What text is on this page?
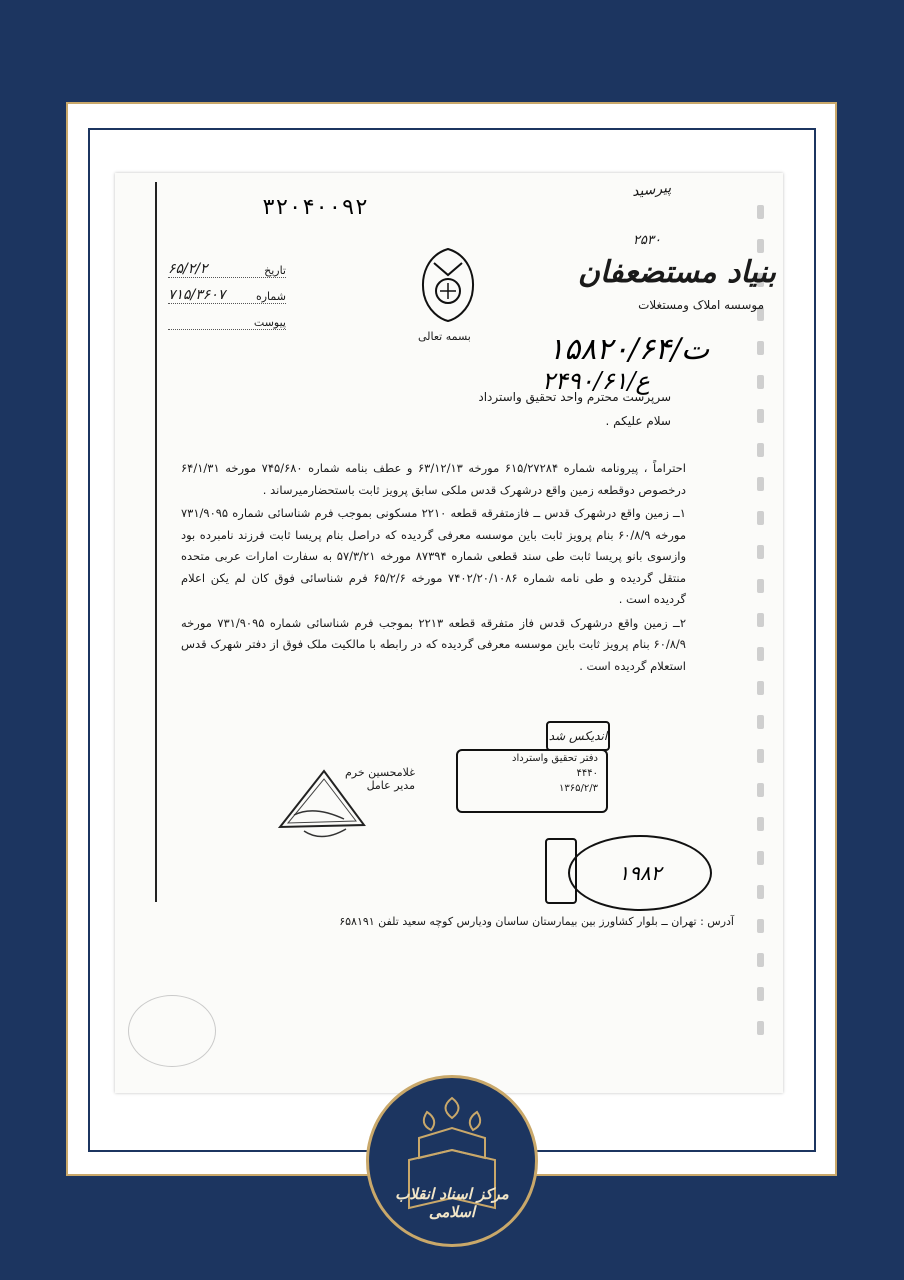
۳۲۰۴۰۰۹۲
پیرسید
۲۵۳۰
بنیاد مستضعفان
موسسه املاک ومستغلات
بسمه تعالی
تاریخ
۶۵/۲/۲
شماره
۷۱۵/۳۶۰۷
پیوست
۱۵۸۲۰/ت/۶۴
۲۴۹۰/ع/۶۱
سرپرست محترم واحد تحقیق واسترداد
سلام علیکم .

احتراماً ، پیرونامه شماره ۶۱۵/۲۷۲۸۴ مورخه ۶۳/۱۲/۱۳ و عطف بنامه شماره ۷۴۵/۶۸۰ مورخه ۶۴/۱/۳۱ درخصوص دوقطعه زمین واقع درشهرک قدس ملکی سابق پرویز ثابت باستحضارمیرساند .

۱ــ زمین واقع درشهرک قدس ــ فازمتفرقه قطعه ۲۲۱۰ مسکونی بموجب فرم شناسائی شماره ۷۳۱/۹۰۹۵ مورخه ۶۰/۸/۹ بنام پرویز ثابت باین موسسه معرفی گردیده که دراصل بنام پریسا ثابت فرزند نامبرده بود وازسوی بانو پریسا ثابت طی سند قطعی شماره ۸۷۳۹۴ مورخه ۵۷/۳/۲۱ به سفارت امارات عربی متحده منتقل گردیده و طی نامه شماره ۷۴۰۲/۲۰/۱۰۸۶ مورخه ۶۵/۲/۶ فرم شناسائی فوق کان لم یکن اعلام گردیده است .

۲ــ زمین واقع درشهرک قدس فاز متفرقه قطعه ۲۲۱۳ بموجب فرم شناسائی شماره ۷۳۱/۹۰۹۵ مورخه ۶۰/۸/۹ بنام پرویز ثابت باین موسسه معرفی گردیده که در رابطه با مالکیت ملک فوق از دفتر شهرک قدس استعلام گردیده است .

اندیکس شد
دفتر تحقیق واسترداد
۴۴۴۰
۱۳۶۵/۲/۳
۱۹۸۲
غلامحسین خرم
مدیر عامل
آدرس : تهران ــ بلوار کشاورز بین بیمارستان ساسان ودیارس کوچه سعید تلفن ۶۵۸۱۹۱
مرکز اسناد انقلاب اسلامی
